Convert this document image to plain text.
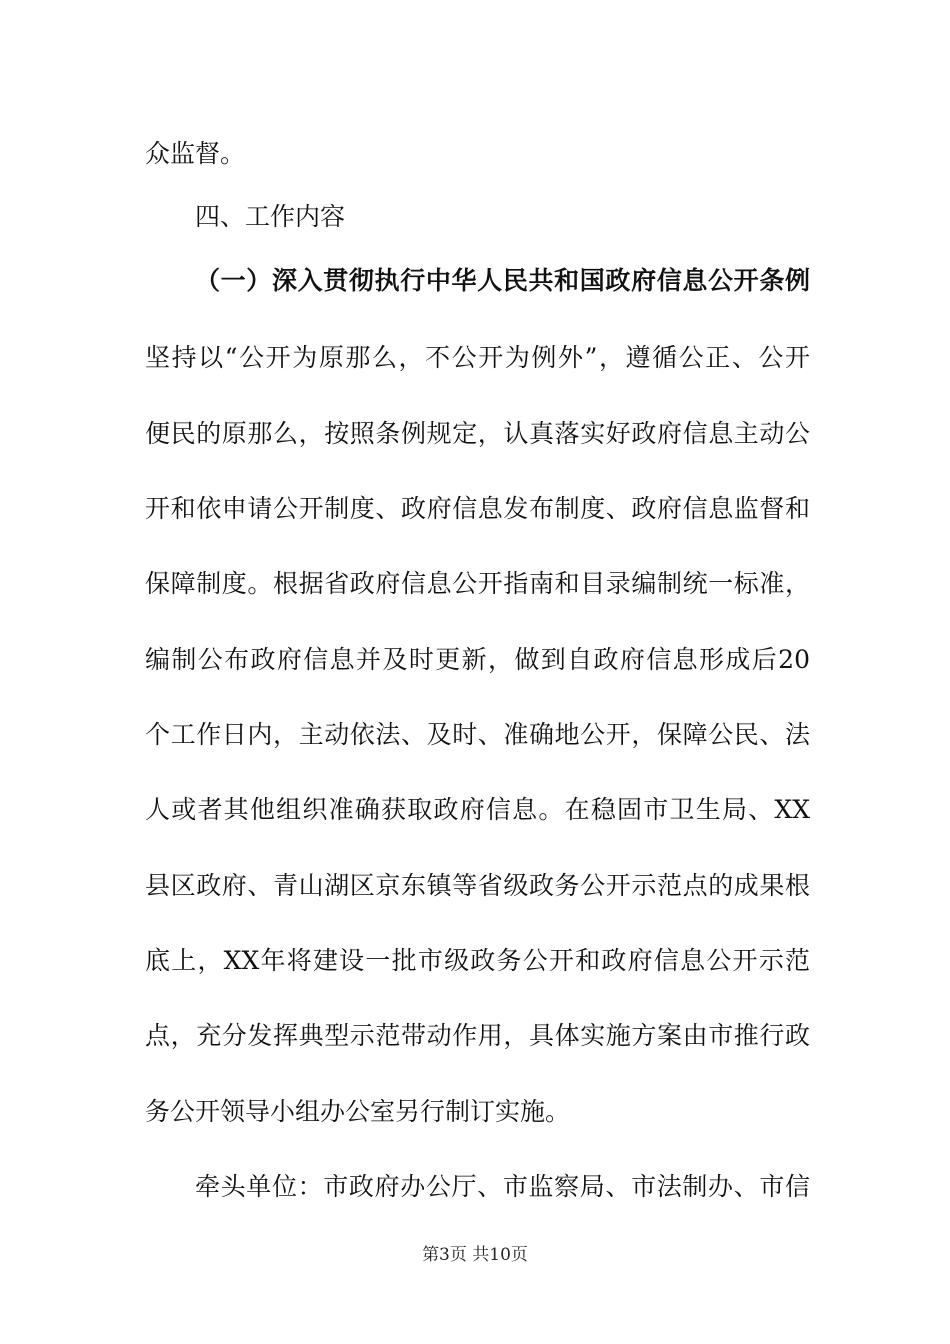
众监督。
四、工作内容
（一）深入贯彻执行中华人民共和国政府信息公开条例
坚持以“公开为原那么，不公开为例外”，遵循公正、公开
便民的原那么，按照条例规定，认真落实好政府信息主动公
开和依申请公开制度、政府信息发布制度、政府信息监督和
保障制度。根据省政府信息公开指南和目录编制统一标准，
编制公布政府信息并及时更新，做到自政府信息形成后20
个工作日内，主动依法、及时、准确地公开，保障公民、法
人或者其他组织准确获取政府信息。在稳固市卫生局、XX
县区政府、青山湖区京东镇等省级政务公开示范点的成果根
底上，XX年将建设一批市级政务公开和政府信息公开示范
点，充分发挥典型示范带动作用，具体实施方案由市推行政
务公开领导小组办公室另行制订实施。
牵头单位：市政府办公厅、市监察局、市法制办、市信
第3页 共10页
